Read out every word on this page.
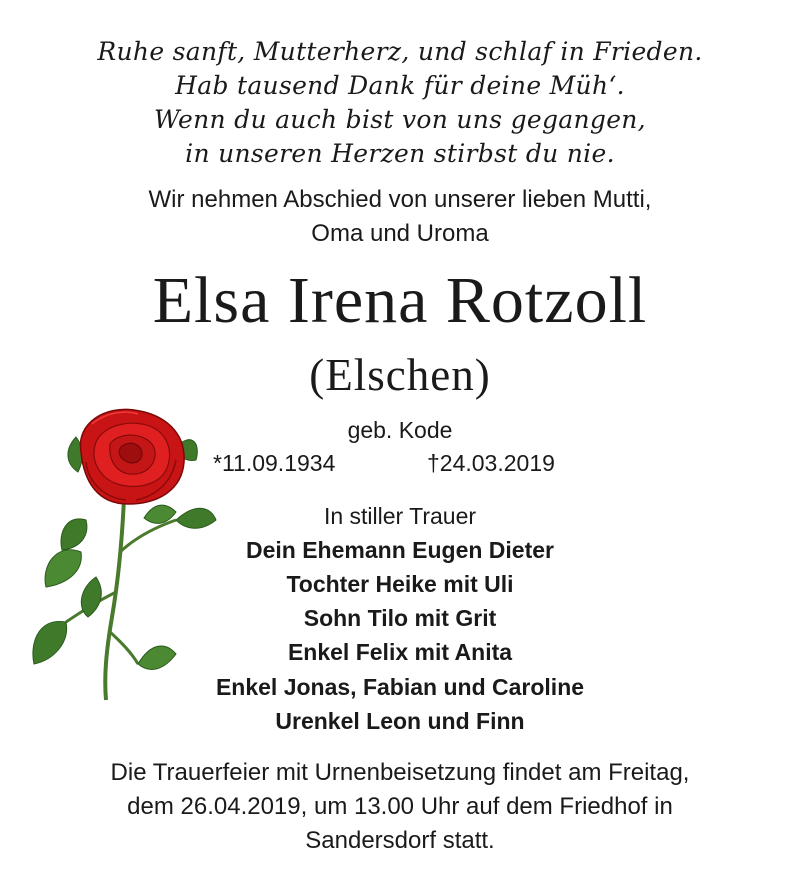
Ruhe sanft, Mutterherz, und schlaf in Frieden.

Hab tausend Dank für deine Müh‘.

Wenn du auch bist von uns gegangen,

in unseren Herzen stirbst du nie.

Wir nehmen Abschied von unserer lieben Mutti,

Oma und Uroma

Elsa Irena Rotzoll

(Elschen)

geb. Kode

*11.09.1934	†24.03.2019

In stiller Trauer

Dein Ehemann Eugen Dieter

Tochter Heike mit Uli

Sohn Tilo mit Grit

Enkel Felix mit Anita

Enkel Jonas, Fabian und Caroline

Urenkel Leon und Finn

Die Trauerfeier mit Urnenbeisetzung findet am Freitag,

dem 26.04.2019, um 13.00 Uhr auf dem Friedhof in

Sandersdorf statt.
